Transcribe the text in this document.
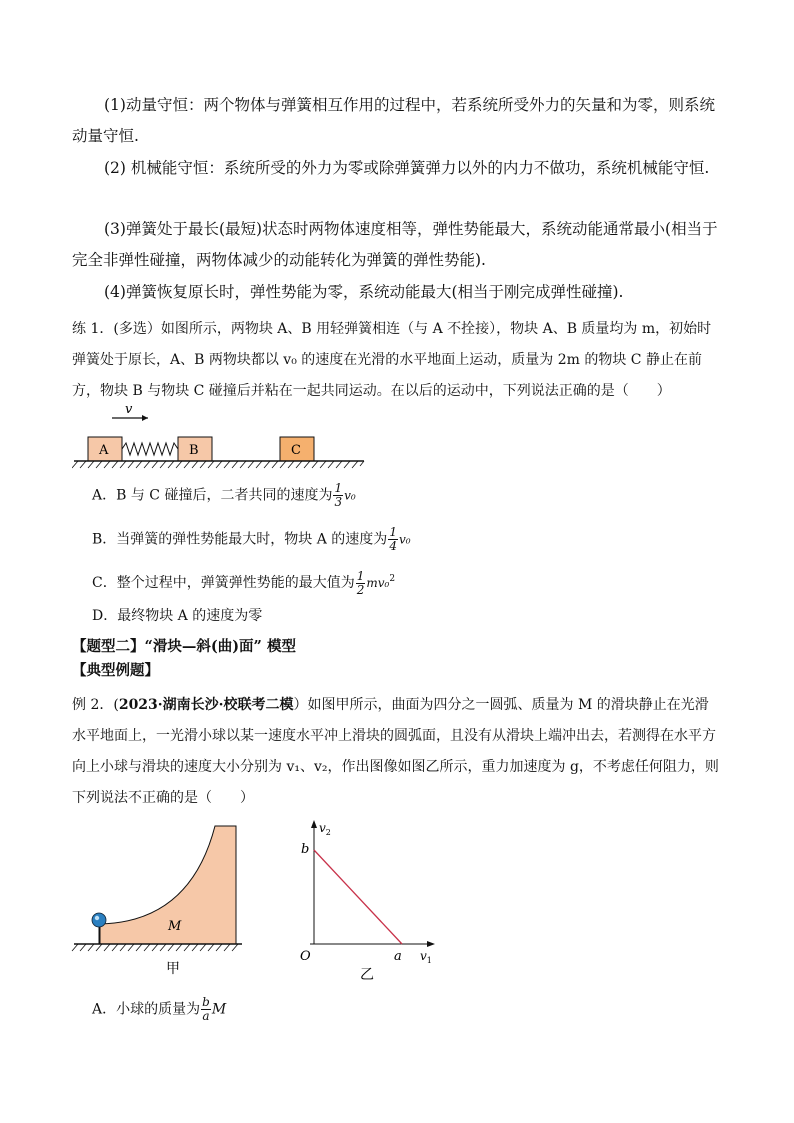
(1)动量守恒：两个物体与弹簧相互作用的过程中，若系统所受外力的矢量和为零，则系统动量守恒.

(2) 机械能守恒：系统所受的外力为零或除弹簧弹力以外的内力不做功，系统机械能守恒.

(3)弹簧处于最长(最短)状态时两物体速度相等，弹性势能最大，系统动能通常最小(相当于完全非弹性碰撞，两物体减少的动能转化为弹簧的弹性势能).

(4)弹簧恢复原长时，弹性势能为零，系统动能最大(相当于刚完成弹性碰撞).

练 1．(多选）如图所示，两物块 A、B 用轻弹簧相连（与 A 不拴接），物块 A、B 质量均为 m，初始时弹簧处于原长，A、B 两物块都以 v₀ 的速度在光滑的水平地面上运动，质量为 2m 的物块 C 静止在前方，物块 B 与物块 C 碰撞后并粘在一起共同运动。在以后的运动中，下列说法正确的是（　　）

v
A	B	C
A．B 与 C 碰撞后，二者共同的速度为 $\frac{1}{3} v_0$
B．当弹簧的弹性势能最大时，物块 A 的速度为 $\frac{1}{4} v_0$
C．整个过程中，弹簧弹性势能的最大值为 $\frac{1}{2} mv_0^2$
D．最终物块 A 的速度为零
【题型二】“滑块—斜(曲)面” 模型
【典型例题】

例 2．(2023·湖南长沙·校联考二模）如图甲所示，曲面为四分之一圆弧、质量为 M 的滑块静止在光滑水平地面上，一光滑小球以某一速度水平冲上滑块的圆弧面，且没有从滑块上端冲出去，若测得在水平方向上小球与滑块的速度大小分别为 v₁、v₂，作出图像如图乙所示，重力加速度为 g，不考虑任何阻力，则下列说法不正确的是（　　）

M
甲
$v_2$
$v_1$
O
b
a
乙
A．小球的质量为 $\frac{b}{a}$ M
